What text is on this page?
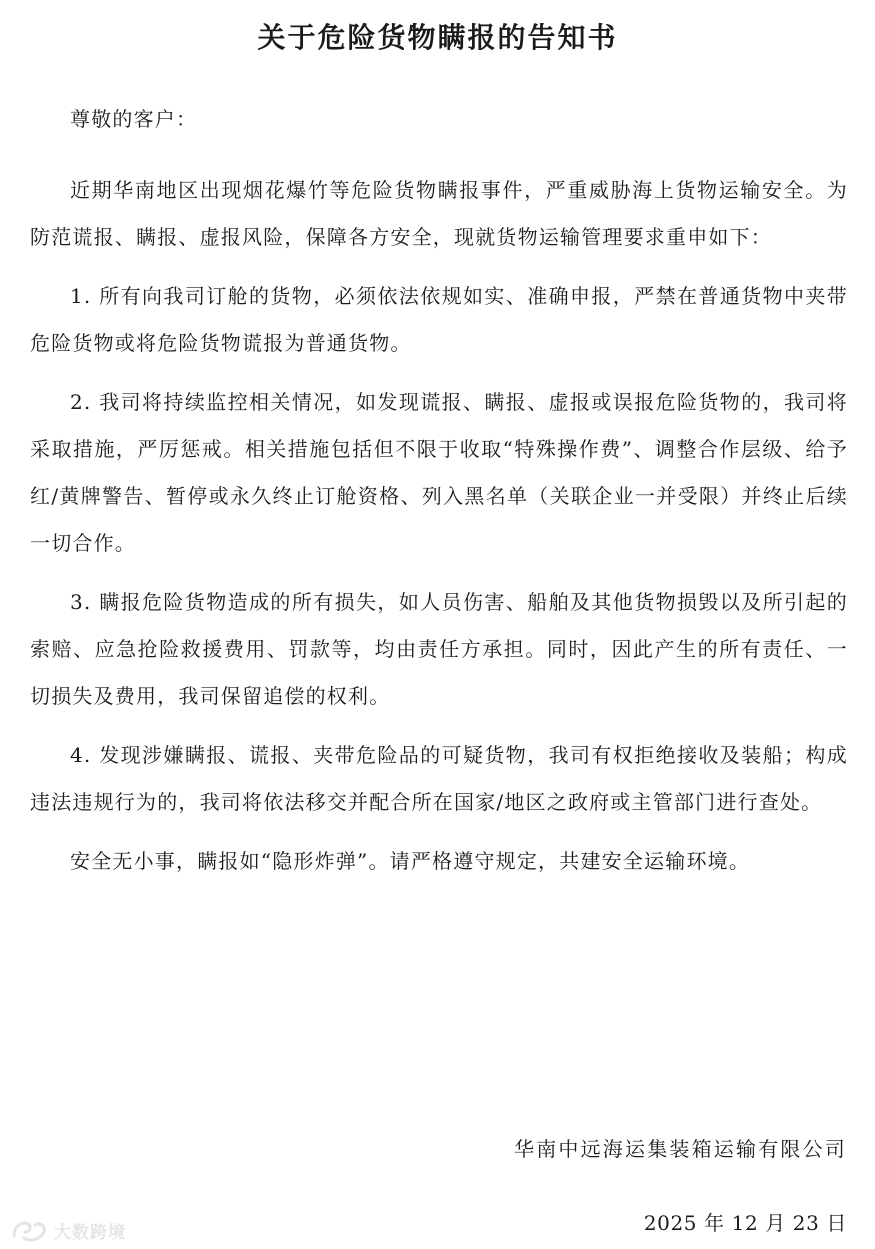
关于危险货物瞒报的告知书

尊敬的客户：

近期华南地区出现烟花爆竹等危险货物瞒报事件，严重威胁海上货物运输安全。为防范谎报、瞒报、虚报风险，保障各方安全，现就货物运输管理要求重申如下：

1. 所有向我司订舱的货物，必须依法依规如实、准确申报，严禁在普通货物中夹带危险货物或将危险货物谎报为普通货物。

2. 我司将持续监控相关情况，如发现谎报、瞒报、虚报或误报危险货物的，我司将采取措施，严厉惩戒。相关措施包括但不限于收取“特殊操作费”、调整合作层级、给予红/黄牌警告、暂停或永久终止订舱资格、列入黑名单（关联企业一并受限）并终止后续一切合作。

3. 瞒报危险货物造成的所有损失，如人员伤害、船舶及其他货物损毁以及所引起的索赔、应急抢险救援费用、罚款等，均由责任方承担。同时，因此产生的所有责任、一切损失及费用，我司保留追偿的权利。

4. 发现涉嫌瞒报、谎报、夹带危险品的可疑货物，我司有权拒绝接收及装船；构成违法违规行为的，我司将依法移交并配合所在国家/地区之政府或主管部门进行查处。

安全无小事，瞒报如“隐形炸弹”。请严格遵守规定，共建安全运输环境。

华南中远海运集装箱运输有限公司
2025 年 12 月 23 日
大数跨境
